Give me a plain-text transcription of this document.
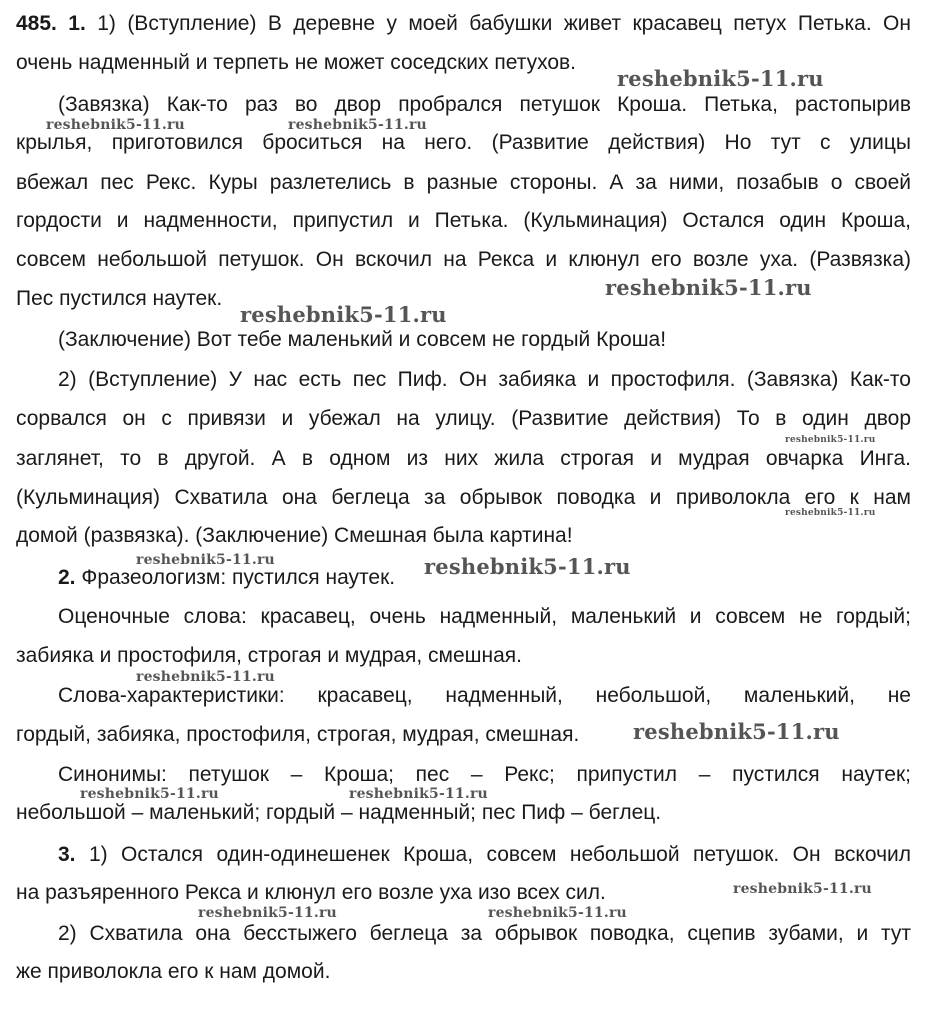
485. 1. 1) (Вступление) В деревне у моей бабушки живет красавец петух Петька. Он
очень надменный и терпеть не может соседских петухов.
(Завязка) Как-то раз во двор пробрался петушок Кроша. Петька, растопырив
крылья, приготовился броситься на него. (Развитие действия) Но тут с улицы
вбежал пес Рекс. Куры разлетелись в разные стороны. А за ними, позабыв о своей
гордости и надменности, припустил и Петька. (Кульминация) Остался один Кроша,
совсем небольшой петушок. Он вскочил на Рекса и клюнул его возле уха. (Развязка)
Пес пустился наутек.
(Заключение) Вот тебе маленький и совсем не гордый Кроша!
2) (Вступление) У нас есть пес Пиф. Он забияка и простофиля. (Завязка) Как-то
сорвался он с привязи и убежал на улицу. (Развитие действия) То в один двор
заглянет, то в другой. А в одном из них жила строгая и мудрая овчарка Инга.
(Кульминация) Схватила она беглеца за обрывок поводка и приволокла его к нам
домой (развязка). (Заключение) Смешная была картина!
2. Фразеологизм: пустился наутек.
Оценочные слова: красавец, очень надменный, маленький и совсем не гордый;
забияка и простофиля, строгая и мудрая, смешная.
Слова-характеристики: красавец, надменный, небольшой, маленький, не
гордый, забияка, простофиля, строгая, мудрая, смешная.
Синонимы: петушок – Кроша; пес – Рекс; припустил – пустился наутек;
небольшой – маленький; гордый – надменный; пес Пиф – беглец.
3. 1) Остался один-одинешенек Кроша, совсем небольшой петушок. Он вскочил
на разъяренного Рекса и клюнул его возле уха изо всех сил.
2) Схватила она бесстыжего беглеца за обрывок поводка, сцепив зубами, и тут
же приволокла его к нам домой.
reshebnik5-11.ru
reshebnik5-11.ru	reshebnik5-11.ru
reshebnik5-11.ru
reshebnik5-11.ru
reshebnik5-11.ru
reshebnik5-11.ru
reshebnik5-11.ru	reshebnik5-11.ru
reshebnik5-11.ru
reshebnik5-11.ru
reshebnik5-11.ru	reshebnik5-11.ru
reshebnik5-11.ru
reshebnik5-11.ru	reshebnik5-11.ru
